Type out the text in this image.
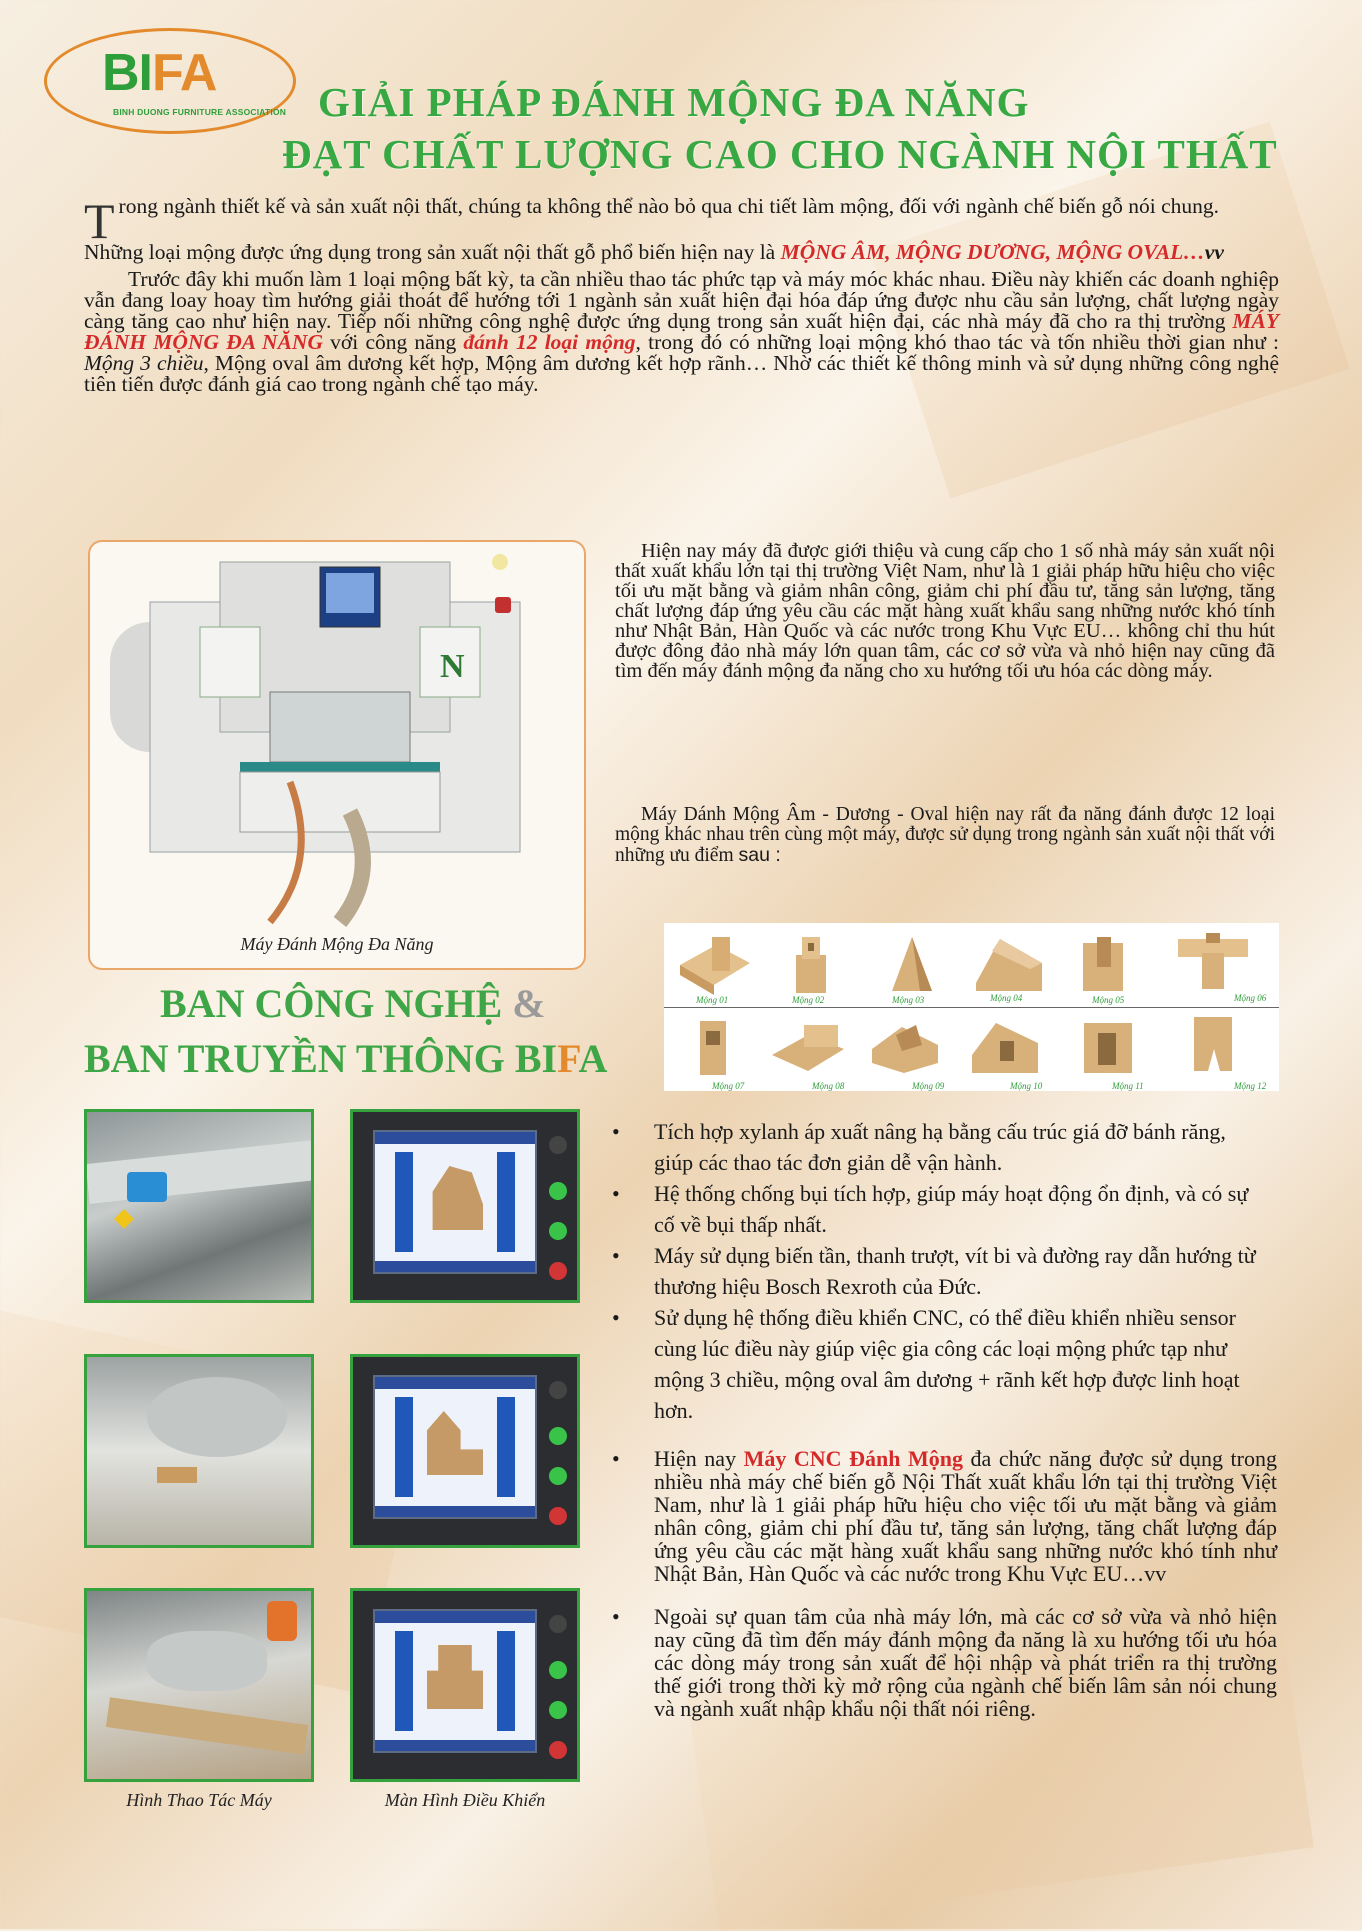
BIFA
BINH DUONG FURNITURE ASSOCIATION GIẢI PHÁP ĐÁNH MỘNG ĐA NĂNG
ĐẠT CHẤT LƯỢNG CAO CHO NGÀNH NỘI THẤT

Trong ngành thiết kế và sản xuất nội thất, chúng ta không thể nào bỏ qua chi tiết làm mộng, đối với ngành chế biến gỗ nói chung.

Những loại mộng được ứng dụng trong sản xuất nội thất gỗ phổ biến hiện nay là MỘNG ÂM, MỘNG DƯƠNG, MỘNG OVAL…vv

Trước đây khi muốn làm 1 loại mộng bất kỳ, ta cần nhiều thao tác phức tạp và máy móc khác nhau. Điều này khiến các doanh nghiệp vẫn đang loay hoay tìm hướng giải thoát để hướng tới 1 ngành sản xuất hiện đại hóa đáp ứng được nhu cầu sản lượng, chất lượng ngày càng tăng cao như hiện nay. Tiếp nối những công nghệ được ứng dụng trong sản xuất hiện đại, các nhà máy đã cho ra thị trường MÁY ĐÁNH MỘNG ĐA NĂNG với công năng đánh 12 loại mộng, trong đó có những loại mộng khó thao tác và tốn nhiều thời gian như : Mộng 3 chiều, Mộng oval âm dương kết hợp, Mộng âm dương kết hợp rãnh… Nhờ các thiết kế thông minh và sử dụng những công nghệ tiên tiến được đánh giá cao trong ngành chế tạo máy.

N
Máy Đánh Mộng Đa Năng
Hiện nay máy đã được giới thiệu và cung cấp cho 1 số nhà máy sản xuất nội thất xuất khẩu lớn tại thị trường Việt Nam, như là 1 giải pháp hữu hiệu cho việc tối ưu mặt bằng và giảm nhân công, giảm chi phí đầu tư, tăng sản lượng, tăng chất lượng đáp ứng yêu cầu các mặt hàng xuất khẩu sang những nước khó tính như Nhật Bản, Hàn Quốc và các nước trong Khu Vực EU… không chỉ thu hút được đông đảo nhà máy lớn quan tâm, các cơ sở vừa và nhỏ hiện nay cũng đã tìm đến máy đánh mộng đa năng cho xu hướng tối ưu hóa các dòng máy.
Máy Dánh Mộng Âm - Dương - Oval hiện nay rất đa năng đánh được 12 loại mộng khác nhau trên cùng một máy, được sử dụng trong ngành sản xuất nội thất với những ưu điểm sau :
Mộng 01	Mộng 02	Mộng 03	Mộng 04	Mộng 05	Mộng 06
Mộng 07	Mộng 08	Mộng 09	Mộng 10	Mộng 11	Mộng 12
BAN CÔNG NGHỆ &
BAN TRUYỀN THÔNG BIFA
Hình Thao Tác Máy	Màn Hình Điều Khiển
• Tích hợp xylanh áp xuất nâng hạ bằng cấu trúc giá đỡ bánh răng, giúp các thao tác đơn giản dễ vận hành.
• Hệ thống chống bụi tích hợp, giúp máy hoạt động ổn định, và có sự cố về bụi thấp nhất.
• Máy sử dụng biến tần, thanh trượt, vít bi và đường ray dẫn hướng từ thương hiệu Bosch Rexroth của Đức.
• Sử dụng hệ thống điều khiển CNC, có thể điều khiển nhiều sensor cùng lúc điều này giúp việc gia công các loại mộng phức tạp như mộng 3 chiều, mộng oval âm dương + rãnh kết hợp được linh hoạt hơn.
• Hiện nay Máy CNC Đánh Mộng đa chức năng được sử dụng trong nhiều nhà máy chế biến gỗ Nội Thất xuất khẩu lớn tại thị trường Việt Nam, như là 1 giải pháp hữu hiệu cho việc tối ưu mặt bằng và giảm nhân công, giảm chi phí đầu tư, tăng sản lượng, tăng chất lượng đáp ứng yêu cầu các mặt hàng xuất khẩu sang những nước khó tính như Nhật Bản, Hàn Quốc và các nước trong Khu Vực EU…vv
• Ngoài sự quan tâm của nhà máy lớn, mà các cơ sở vừa và nhỏ hiện nay cũng đã tìm đến máy đánh mộng đa năng là xu hướng tối ưu hóa các dòng máy trong sản xuất để hội nhập và phát triển ra thị trường thế giới trong thời kỳ mở rộng của ngành chế biến lâm sản nói chung và ngành xuất nhập khẩu nội thất nói riêng.
